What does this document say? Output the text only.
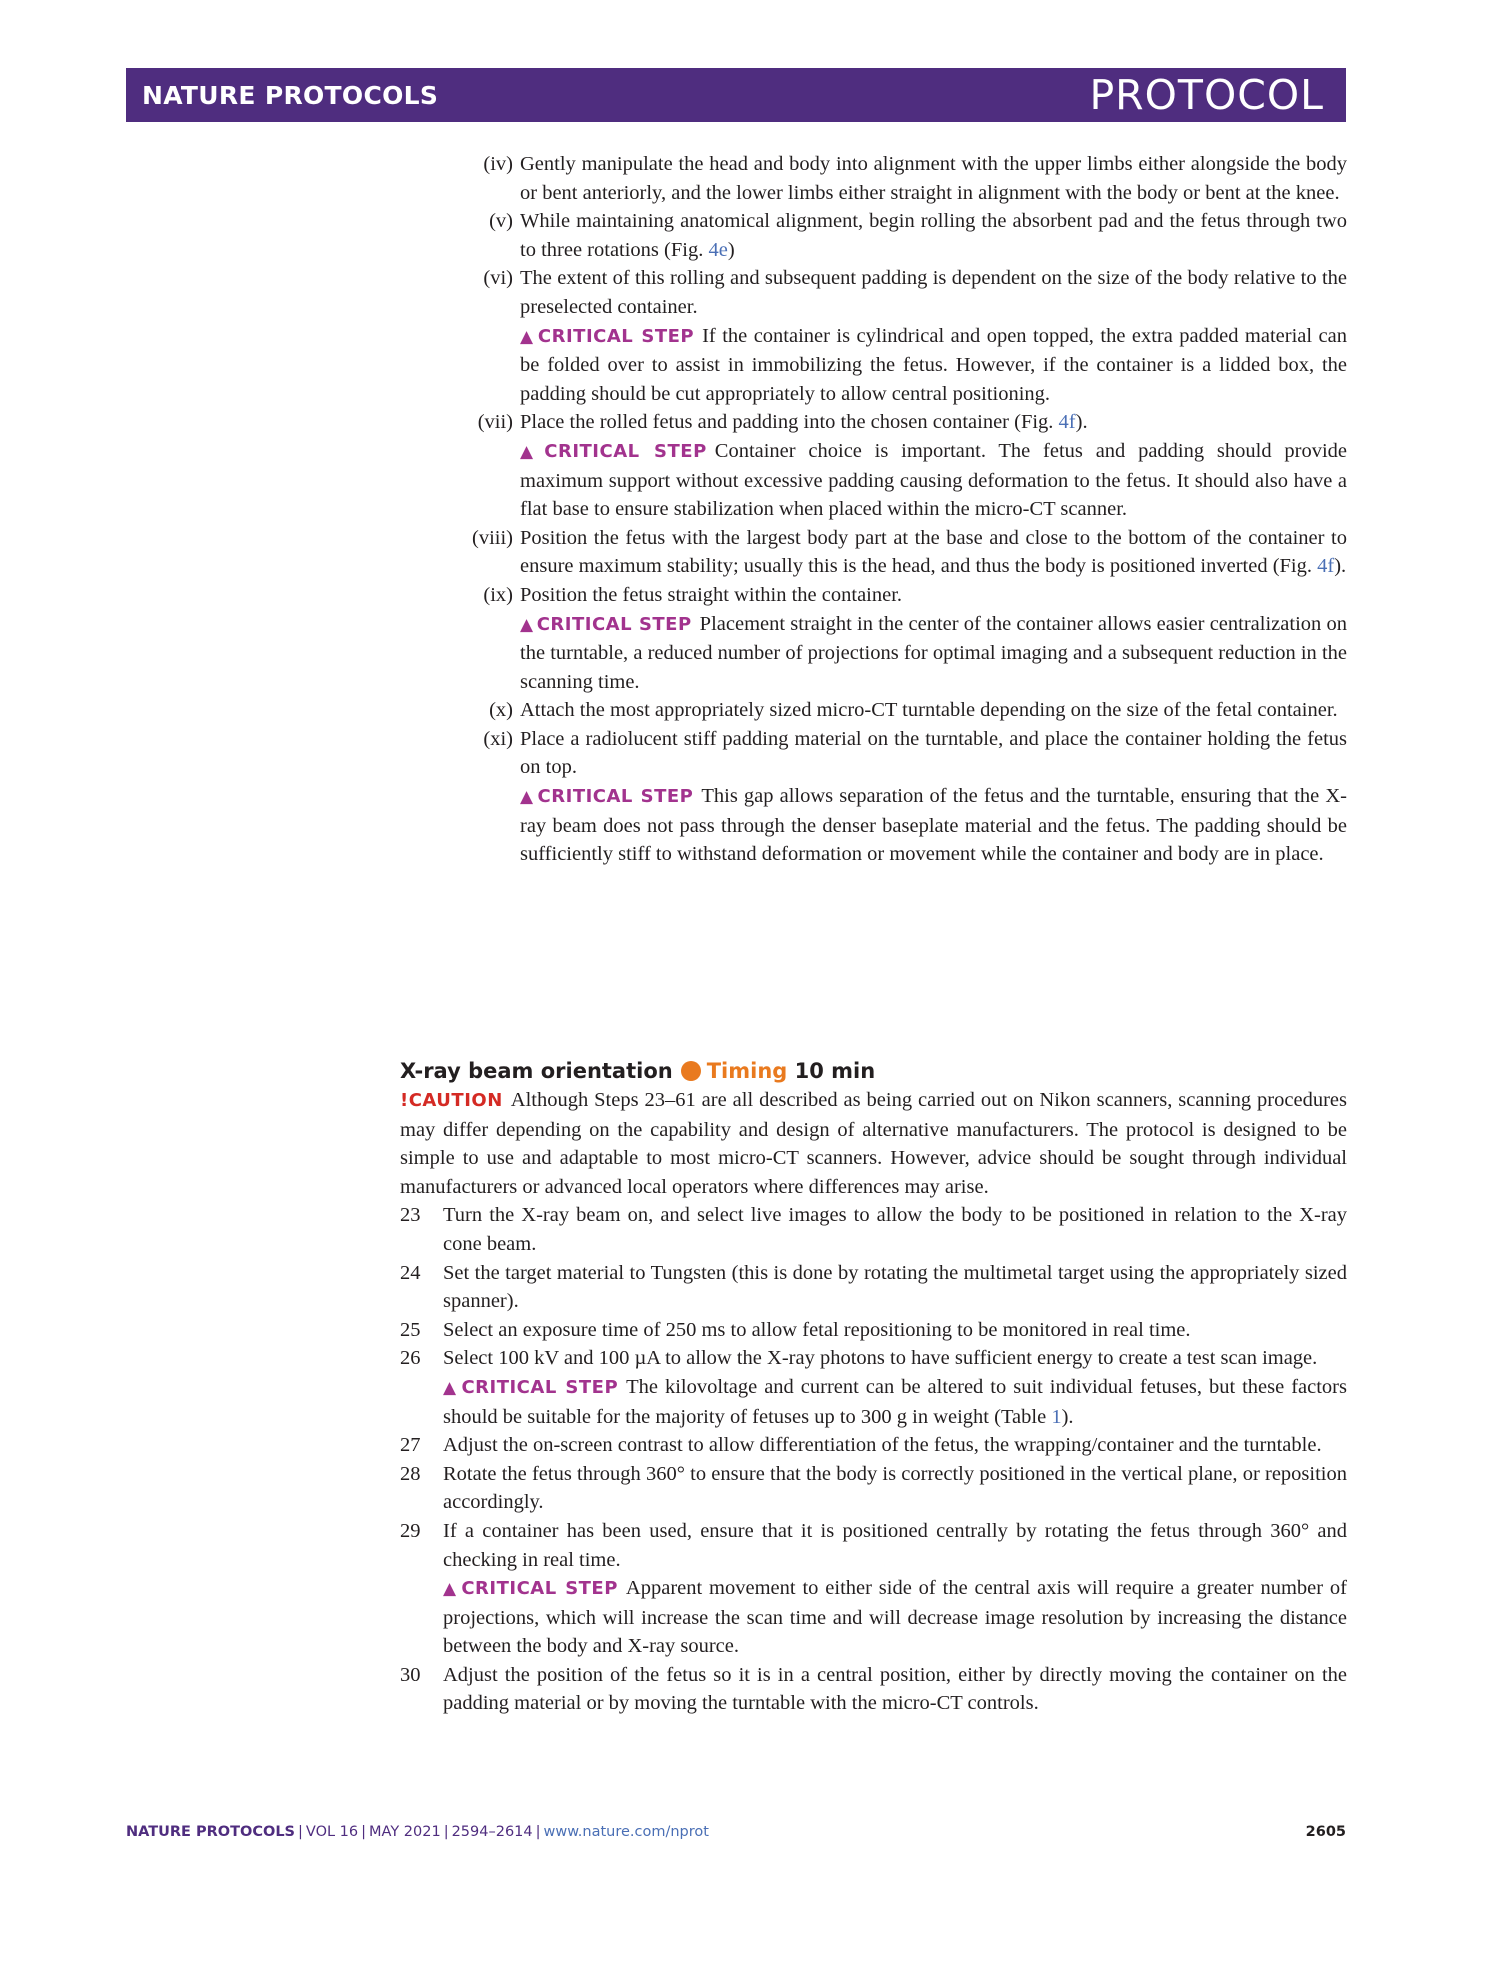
NATURE PROTOCOLS	PROTOCOL
(iv) Gently manipulate the head and body into alignment with the upper limbs either alongside the body or bent anteriorly, and the lower limbs either straight in alignment with the body or bent at the knee.
(v) While maintaining anatomical alignment, begin rolling the absorbent pad and the fetus through two to three rotations (Fig. 4e)
(vi) The extent of this rolling and subsequent padding is dependent on the size of the body relative to the preselected container.
▲ CRITICAL STEP If the container is cylindrical and open topped, the extra padded material can be folded over to assist in immobilizing the fetus. However, if the container is a lidded box, the padding should be cut appropriately to allow central positioning.
(vii) Place the rolled fetus and padding into the chosen container (Fig. 4f).
▲ CRITICAL STEP Container choice is important. The fetus and padding should provide maximum support without excessive padding causing deformation to the fetus. It should also have a flat base to ensure stabilization when placed within the micro-CT scanner.
(viii) Position the fetus with the largest body part at the base and close to the bottom of the container to ensure maximum stability; usually this is the head, and thus the body is positioned inverted (Fig. 4f).
(ix) Position the fetus straight within the container.
▲ CRITICAL STEP Placement straight in the center of the container allows easier centralization on the turntable, a reduced number of projections for optimal imaging and a subsequent reduction in the scanning time.
(x) Attach the most appropriately sized micro-CT turntable depending on the size of the fetal container.
(xi) Place a radiolucent stiff padding material on the turntable, and place the container holding the fetus on top.
▲ CRITICAL STEP This gap allows separation of the fetus and the turntable, ensuring that the X-ray beam does not pass through the denser baseplate material and the fetus. The padding should be sufficiently stiff to withstand deformation or movement while the container and body are in place.
X-ray beam orientation Timing 10 min
!CAUTION Although Steps 23–61 are all described as being carried out on Nikon scanners, scanning procedures may differ depending on the capability and design of alternative manufacturers. The protocol is designed to be simple to use and adaptable to most micro-CT scanners. However, advice should be sought through individual manufacturers or advanced local operators where differences may arise.
23 Turn the X-ray beam on, and select live images to allow the body to be positioned in relation to the X-ray cone beam.
24 Set the target material to Tungsten (this is done by rotating the multimetal target using the appropriately sized spanner).
25 Select an exposure time of 250 ms to allow fetal repositioning to be monitored in real time.
26 Select 100 kV and 100 µA to allow the X-ray photons to have sufficient energy to create a test scan image.
▲ CRITICAL STEP The kilovoltage and current can be altered to suit individual fetuses, but these factors should be suitable for the majority of fetuses up to 300 g in weight (Table 1).
27 Adjust the on-screen contrast to allow differentiation of the fetus, the wrapping/container and the turntable.
28 Rotate the fetus through 360° to ensure that the body is correctly positioned in the vertical plane, or reposition accordingly.
29 If a container has been used, ensure that it is positioned centrally by rotating the fetus through 360° and checking in real time.
▲ CRITICAL STEP Apparent movement to either side of the central axis will require a greater number of projections, which will increase the scan time and will decrease image resolution by increasing the distance between the body and X-ray source.
30 Adjust the position of the fetus so it is in a central position, either by directly moving the container on the padding material or by moving the turntable with the micro-CT controls.
NATURE PROTOCOLS | VOL 16 | MAY 2021 | 2594–2614 | www.nature.com/nprot	2605
